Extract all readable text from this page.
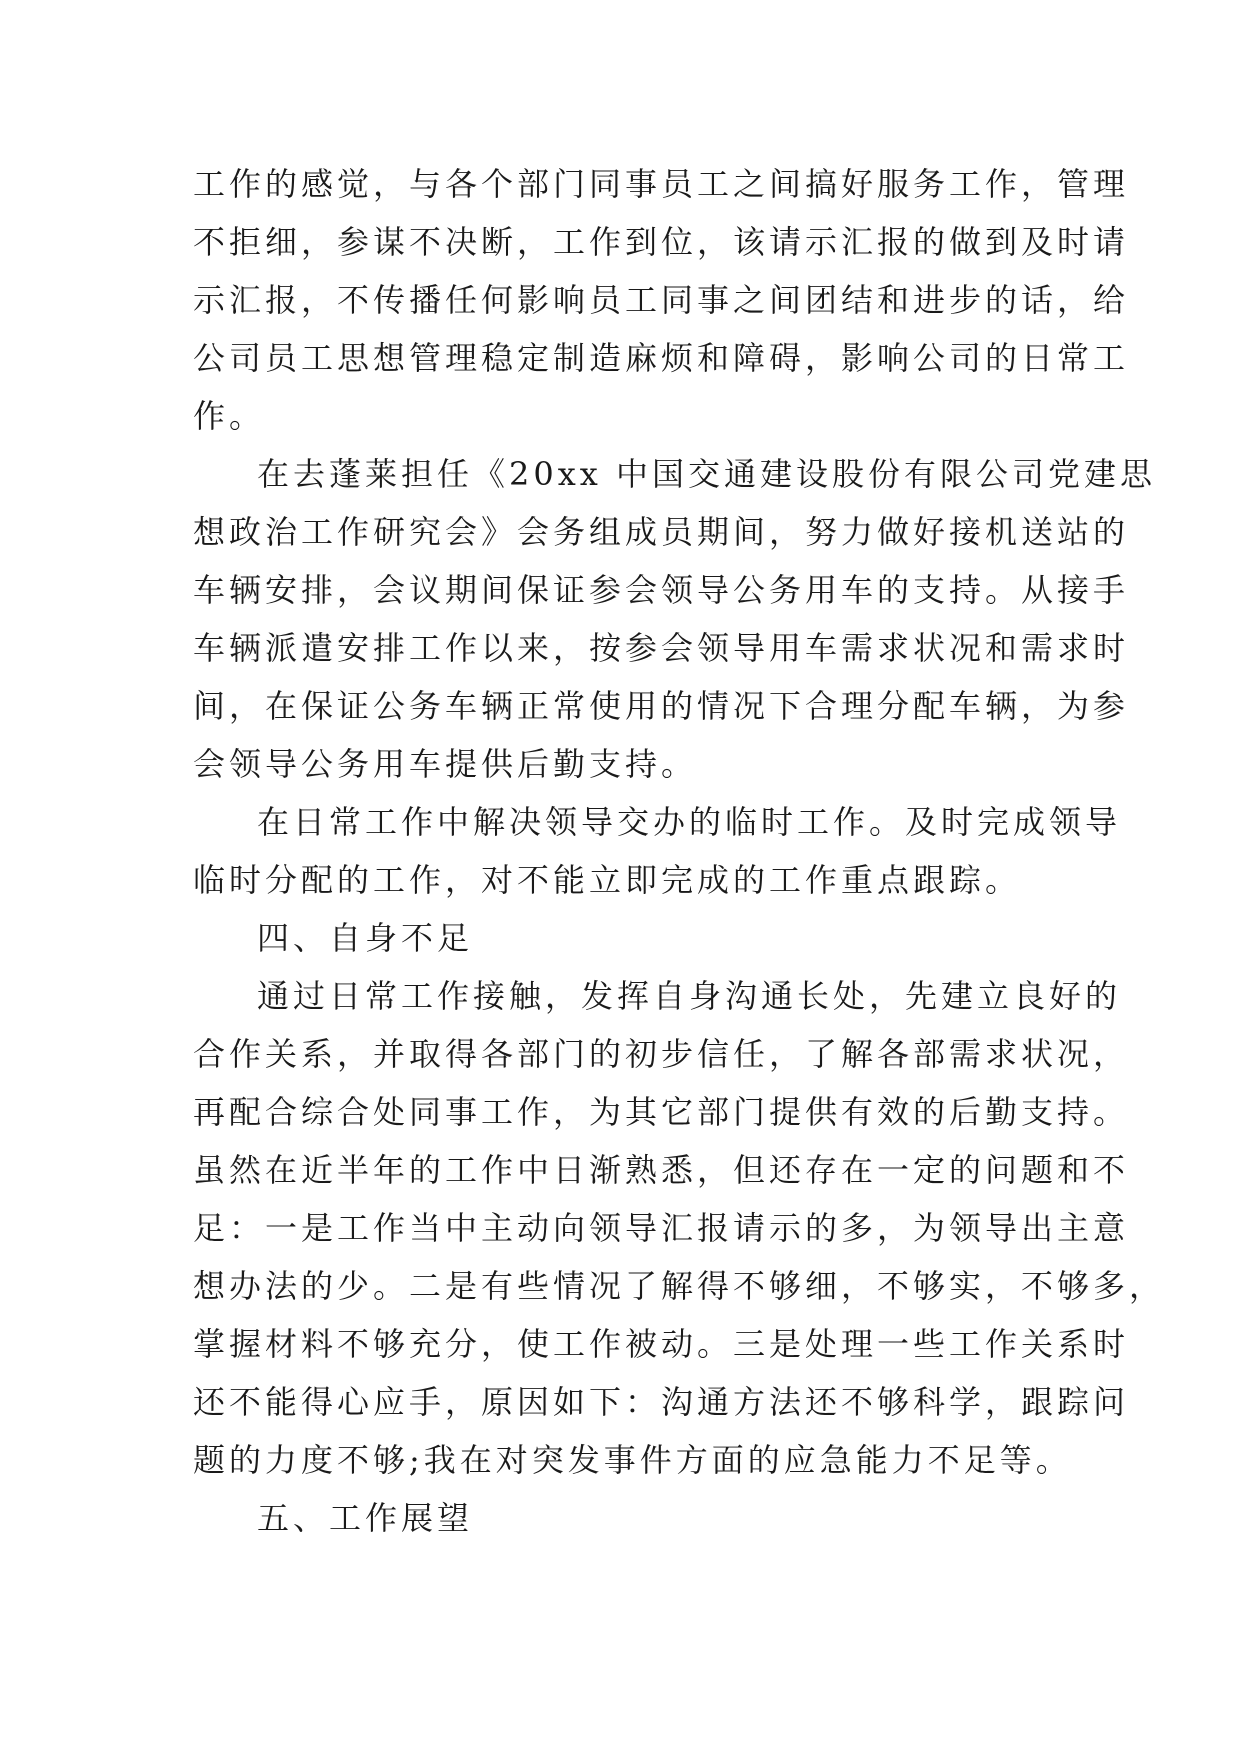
工作的感觉，与各个部门同事员工之间搞好服务工作，管理
不拒细，参谋不决断，工作到位，该请示汇报的做到及时请
示汇报，不传播任何影响员工同事之间团结和进步的话，给
公司员工思想管理稳定制造麻烦和障碍，影响公司的日常工
作。
在去蓬莱担任《20xx 中国交通建设股份有限公司党建思
想政治工作研究会》会务组成员期间，努力做好接机送站的
车辆安排，会议期间保证参会领导公务用车的支持。从接手
车辆派遣安排工作以来，按参会领导用车需求状况和需求时
间，在保证公务车辆正常使用的情况下合理分配车辆，为参
会领导公务用车提供后勤支持。
在日常工作中解决领导交办的临时工作。及时完成领导
临时分配的工作，对不能立即完成的工作重点跟踪。
四、自身不足
通过日常工作接触，发挥自身沟通长处，先建立良好的
合作关系，并取得各部门的初步信任，了解各部需求状况，
再配合综合处同事工作，为其它部门提供有效的后勤支持。
虽然在近半年的工作中日渐熟悉，但还存在一定的问题和不
足：一是工作当中主动向领导汇报请示的多，为领导出主意
想办法的少。二是有些情况了解得不够细，不够实，不够多，
掌握材料不够充分，使工作被动。三是处理一些工作关系时
还不能得心应手，原因如下：沟通方法还不够科学，跟踪问
题的力度不够;我在对突发事件方面的应急能力不足等。
五、工作展望
